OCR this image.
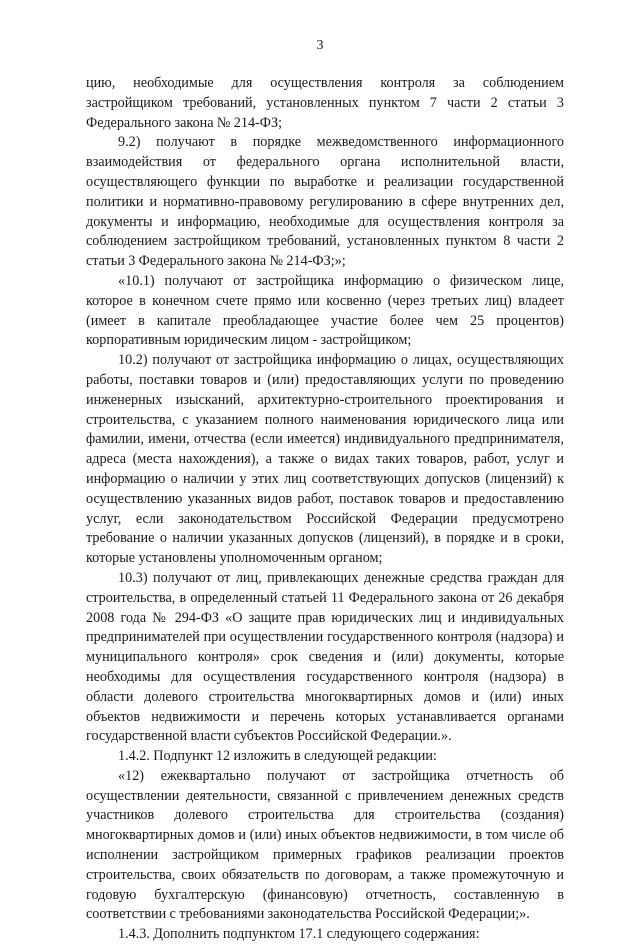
3

цию, необходимые для осуществления контроля за соблюдением застройщиком требований, установленных пунктом 7 части 2 статьи 3 Федерального закона № 214-ФЗ;

9.2) получают в порядке межведомственного информационного взаимодействия от федерального органа исполнительной власти, осуществляющего функции по выработке и реализации государственной политики и нормативно-правовому регулированию в сфере внутренних дел, документы и информацию, необходимые для осуществления контроля за соблюдением застройщиком требований, установленных пунктом 8 части 2 статьи 3 Федерального закона № 214-ФЗ;»;

«10.1) получают от застройщика информацию о физическом лице, которое в конечном счете прямо или косвенно (через третьих лиц) владеет (имеет в капитале преобладающее участие более чем 25 процентов) корпоративным юридическим лицом - застройщиком;

10.2) получают от застройщика информацию о лицах, осуществляющих работы, поставки товаров и (или) предоставляющих услуги по проведению инженерных изысканий, архитектурно-строительного проектирования и строительства, с указанием полного наименования юридического лица или фамилии, имени, отчества (если имеется) индивидуального предпринимателя, адреса (места нахождения), а также о видах таких товаров, работ, услуг и информацию о наличии у этих лиц соответствующих допусков (лицензий) к осуществлению указанных видов работ, поставок товаров и предоставлению услуг, если законодательством Российской Федерации предусмотрено требование о наличии указанных допусков (лицензий), в порядке и в сроки, которые установлены уполномоченным органом;

10.3) получают от лиц, привлекающих денежные средства граждан для строительства, в определенный статьей 11 Федерального закона от 26 декабря 2008 года № 294-ФЗ «О защите прав юридических лиц и индивидуальных предпринимателей при осуществлении государственного контроля (надзора) и муниципального контроля» срок сведения и (или) документы, которые необходимы для осуществления государственного контроля (надзора) в области долевого строительства многоквартирных домов и (или) иных объектов недвижимости и перечень которых устанавливается органами государственной власти субъектов Российской Федерации.».

1.4.2. Подпункт 12 изложить в следующей редакции:

«12) ежеквартально получают от застройщика отчетность об осуществлении деятельности, связанной с привлечением денежных средств участников долевого строительства для строительства (создания) многоквартирных домов и (или) иных объектов недвижимости, в том числе об исполнении застройщиком примерных графиков реализации проектов строительства, своих обязательств по договорам, а также промежуточную и годовую бухгалтерскую (финансовую) отчетность, составленную в соответствии с требованиями законодательства Российской Федерации;».

1.4.3. Дополнить подпунктом 17.1 следующего содержания:
